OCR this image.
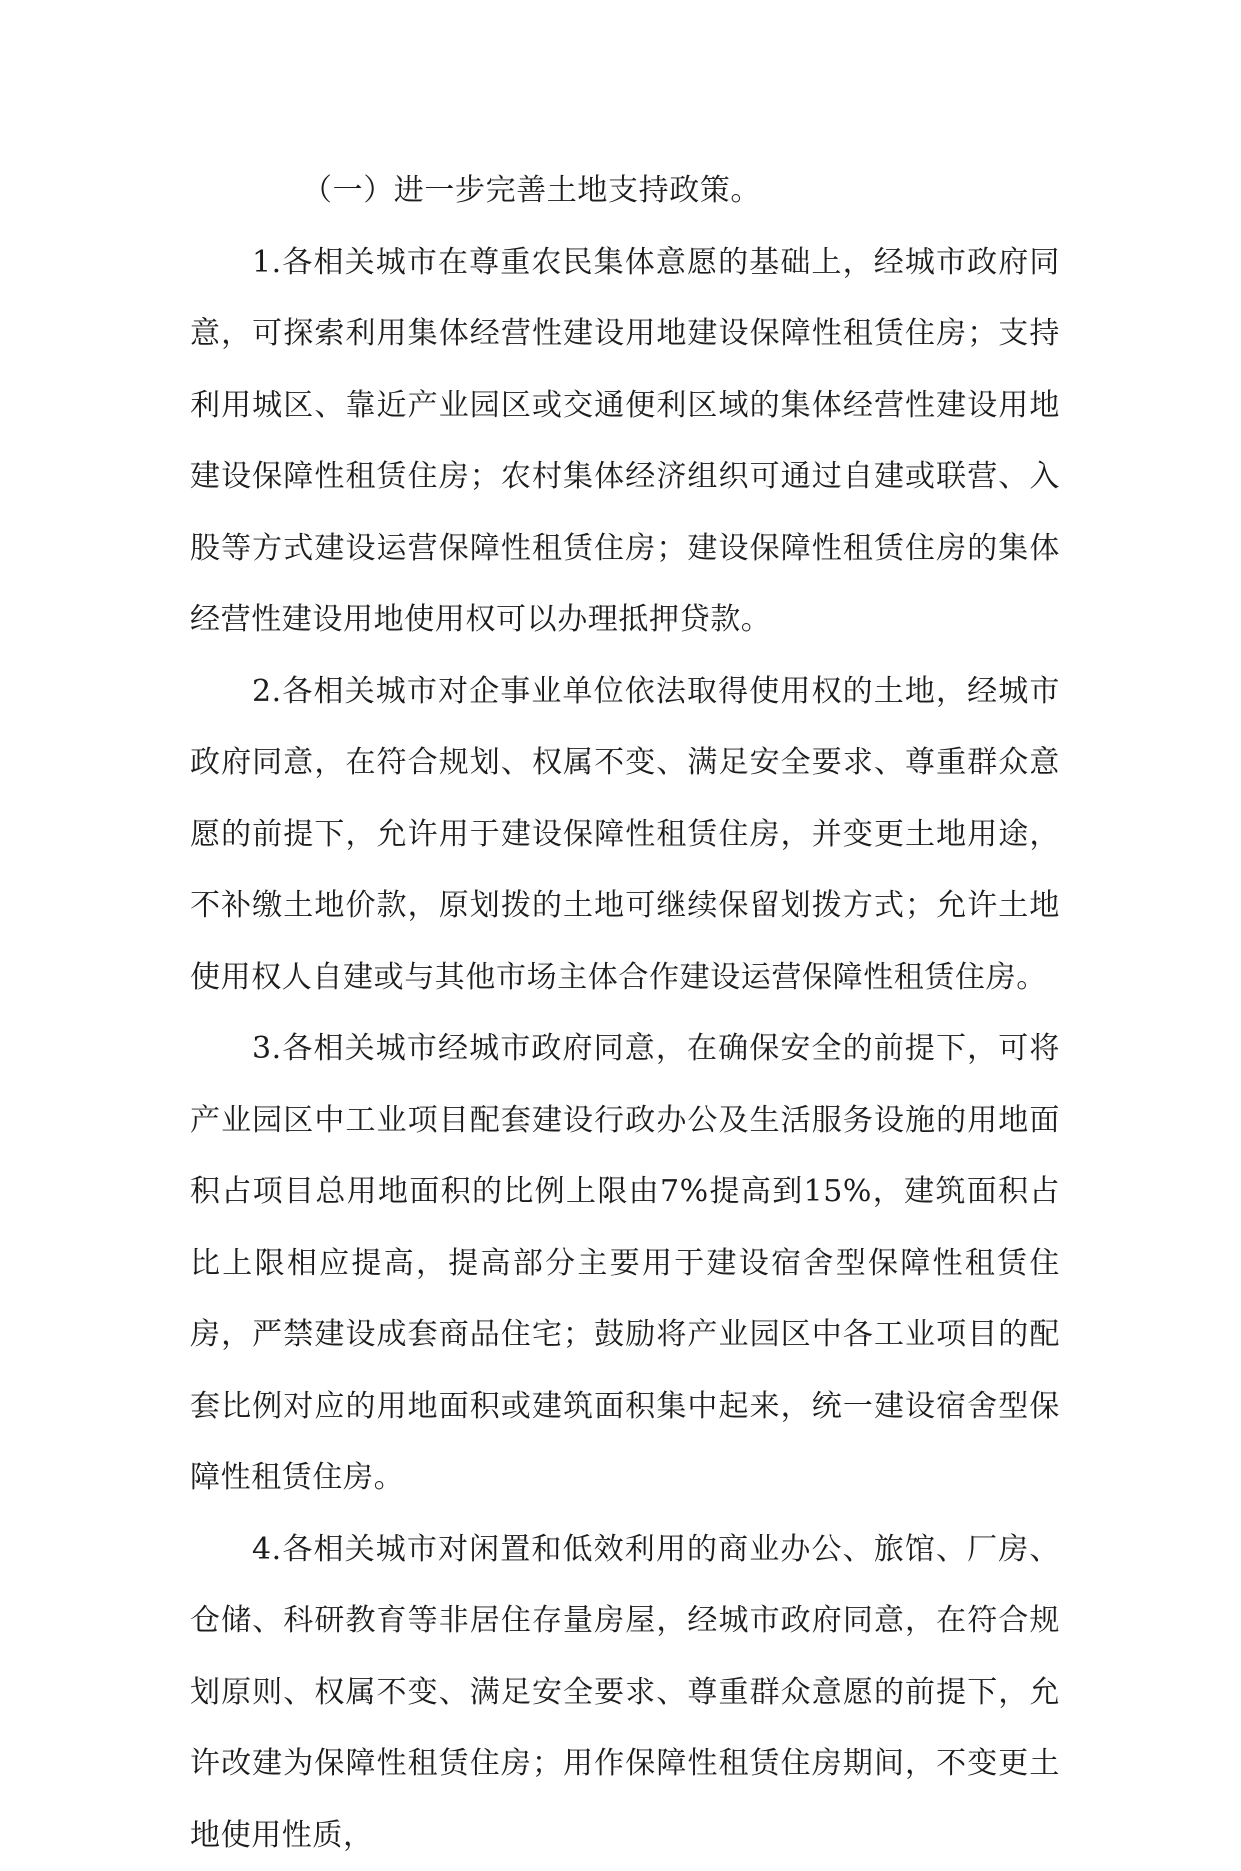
（一）进一步完善土地支持政策。

1.各相关城市在尊重农民集体意愿的基础上，经城市政府同意，可探索利用集体经营性建设用地建设保障性租赁住房；支持利用城区、靠近产业园区或交通便利区域的集体经营性建设用地建设保障性租赁住房；农村集体经济组织可通过自建或联营、入股等方式建设运营保障性租赁住房；建设保障性租赁住房的集体经营性建设用地使用权可以办理抵押贷款。

2.各相关城市对企事业单位依法取得使用权的土地，经城市政府同意，在符合规划、权属不变、满足安全要求、尊重群众意愿的前提下，允许用于建设保障性租赁住房，并变更土地用途，不补缴土地价款，原划拨的土地可继续保留划拨方式；允许土地使用权人自建或与其他市场主体合作建设运营保障性租赁住房。

3.各相关城市经城市政府同意，在确保安全的前提下，可将产业园区中工业项目配套建设行政办公及生活服务设施的用地面积占项目总用地面积的比例上限由7%提高到15%，建筑面积占比上限相应提高，提高部分主要用于建设宿舍型保障性租赁住房，严禁建设成套商品住宅；鼓励将产业园区中各工业项目的配套比例对应的用地面积或建筑面积集中起来，统一建设宿舍型保障性租赁住房。

4.各相关城市对闲置和低效利用的商业办公、旅馆、厂房、仓储、科研教育等非居住存量房屋，经城市政府同意，在符合规划原则、权属不变、满足安全要求、尊重群众意愿的前提下，允许改建为保障性租赁住房；用作保障性租赁住房期间，不变更土地使用性质，
